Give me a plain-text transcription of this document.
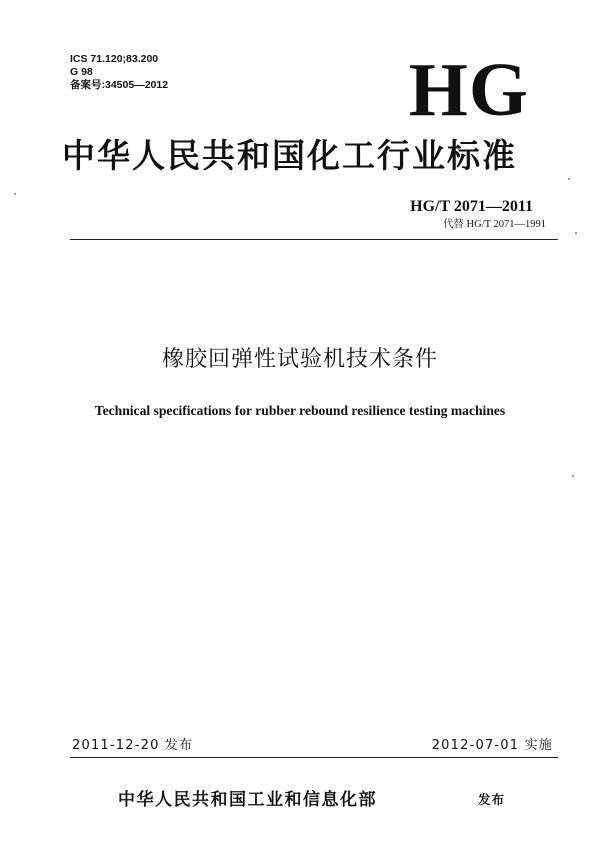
ICS 71.120;83.200
G 98
备案号:34505—2012	HG
中华人民共和国化工行业标准
HG/T 2071—2011
代替 HG/T 2071—1991
橡胶回弹性试验机技术条件
Technical specifications for rubber rebound resilience testing machines
2011-12-20 发布	2012-07-01 实施
中华人民共和国工业和信息化部	发布
